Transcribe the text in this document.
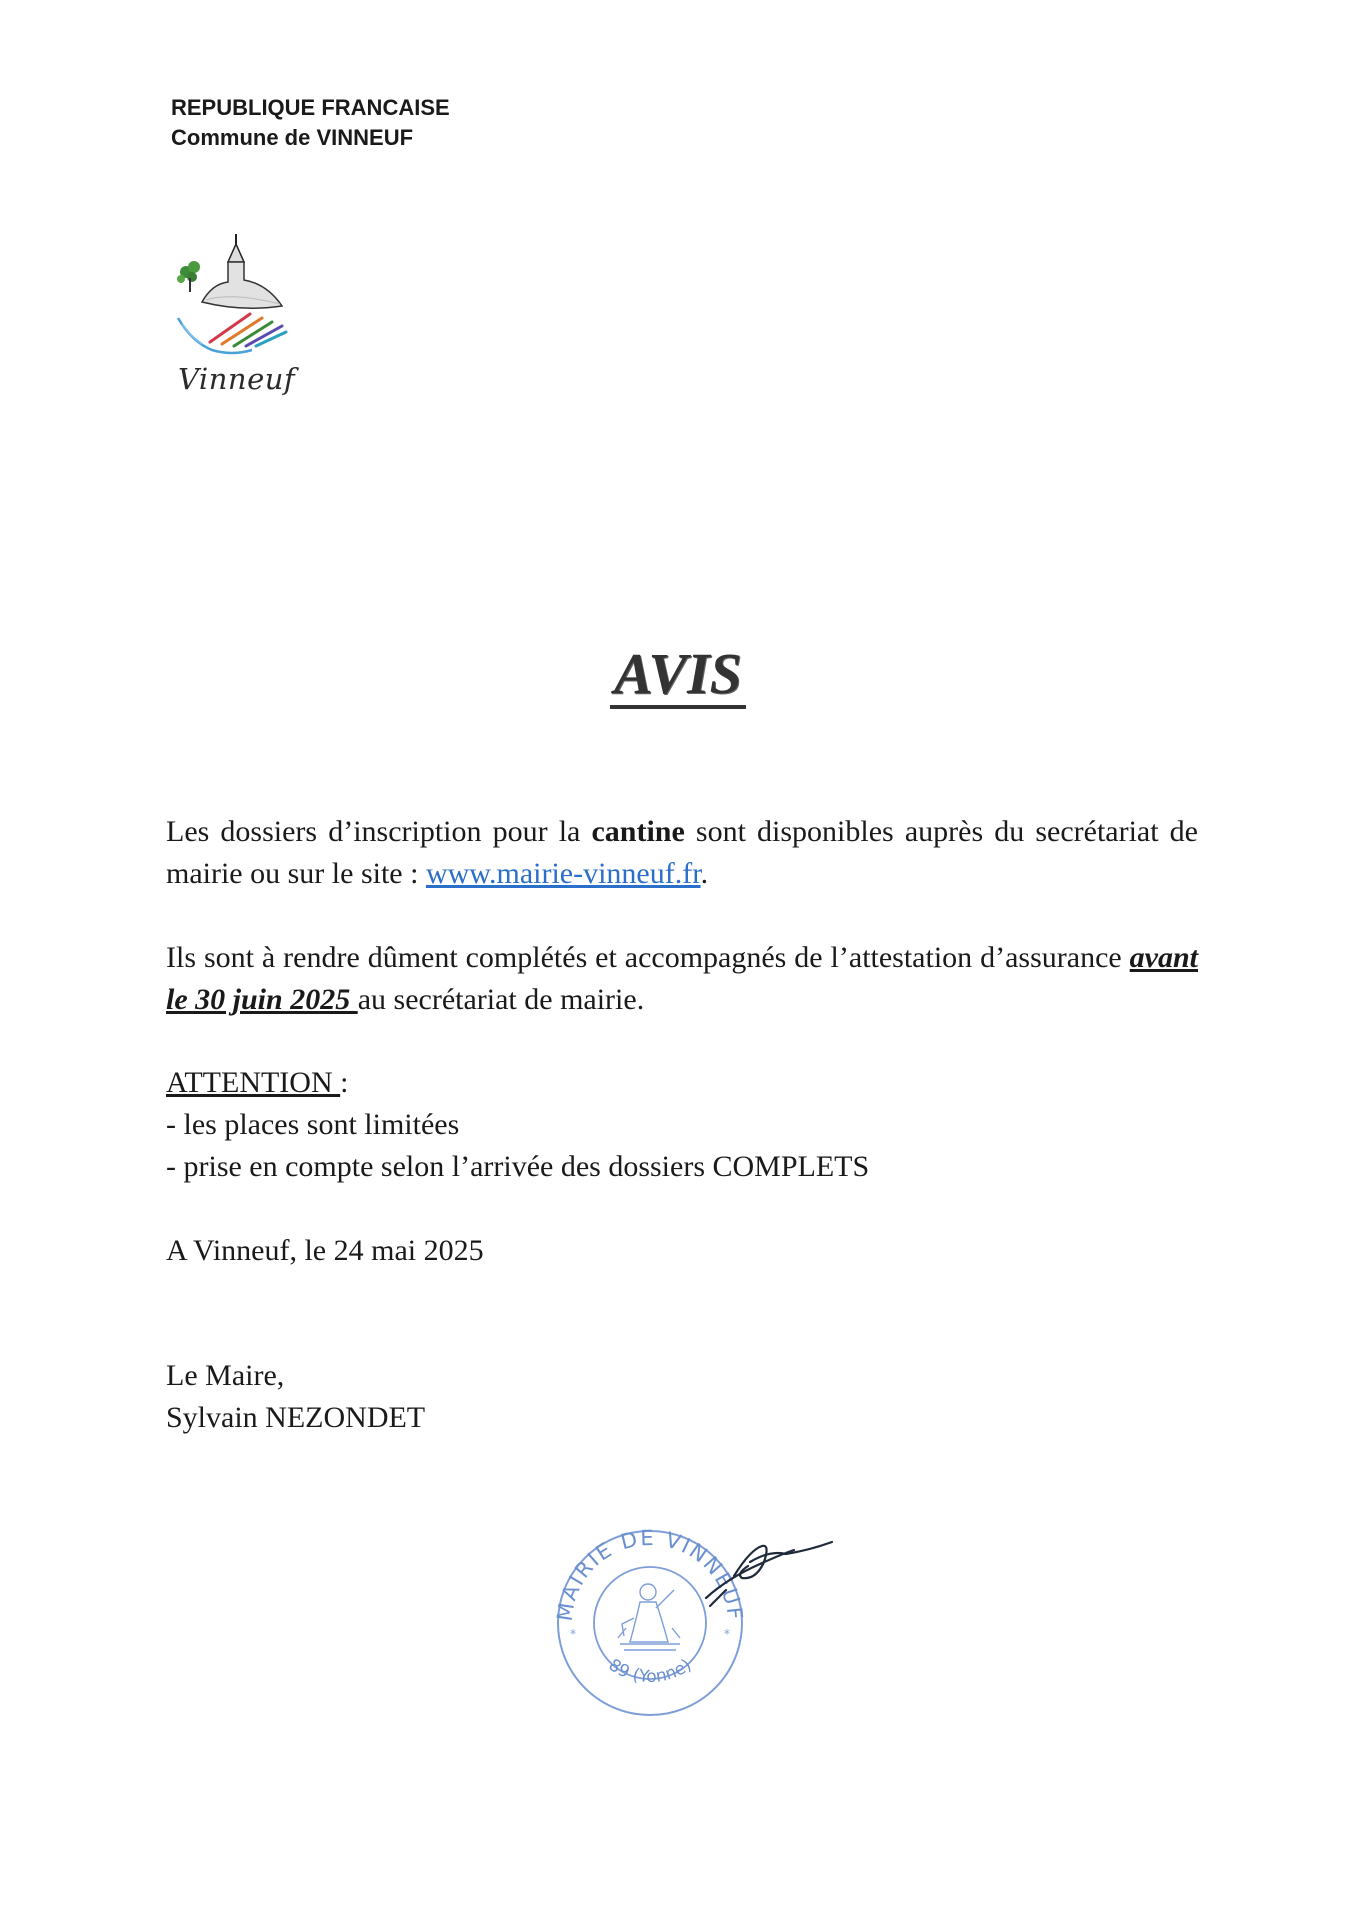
REPUBLIQUE FRANCAISE
Commune de VINNEUF
Vinneuf
AVIS
Les dossiers d’inscription pour la cantine sont disponibles auprès du secrétariat de mairie ou sur le site : www.mairie-vinneuf.fr.
Ils sont à rendre dûment complétés et accompagnés de l’attestation d’assurance avant le 30 juin 2025 au secrétariat de mairie.
ATTENTION :
- les places sont limitées
- prise en compte selon l’arrivée des dossiers COMPLETS
A Vinneuf, le 24 mai 2025
Le Maire,
Sylvain NEZONDET
MAIRIE DE VINNEUF
89 (Yonne)
*	*
